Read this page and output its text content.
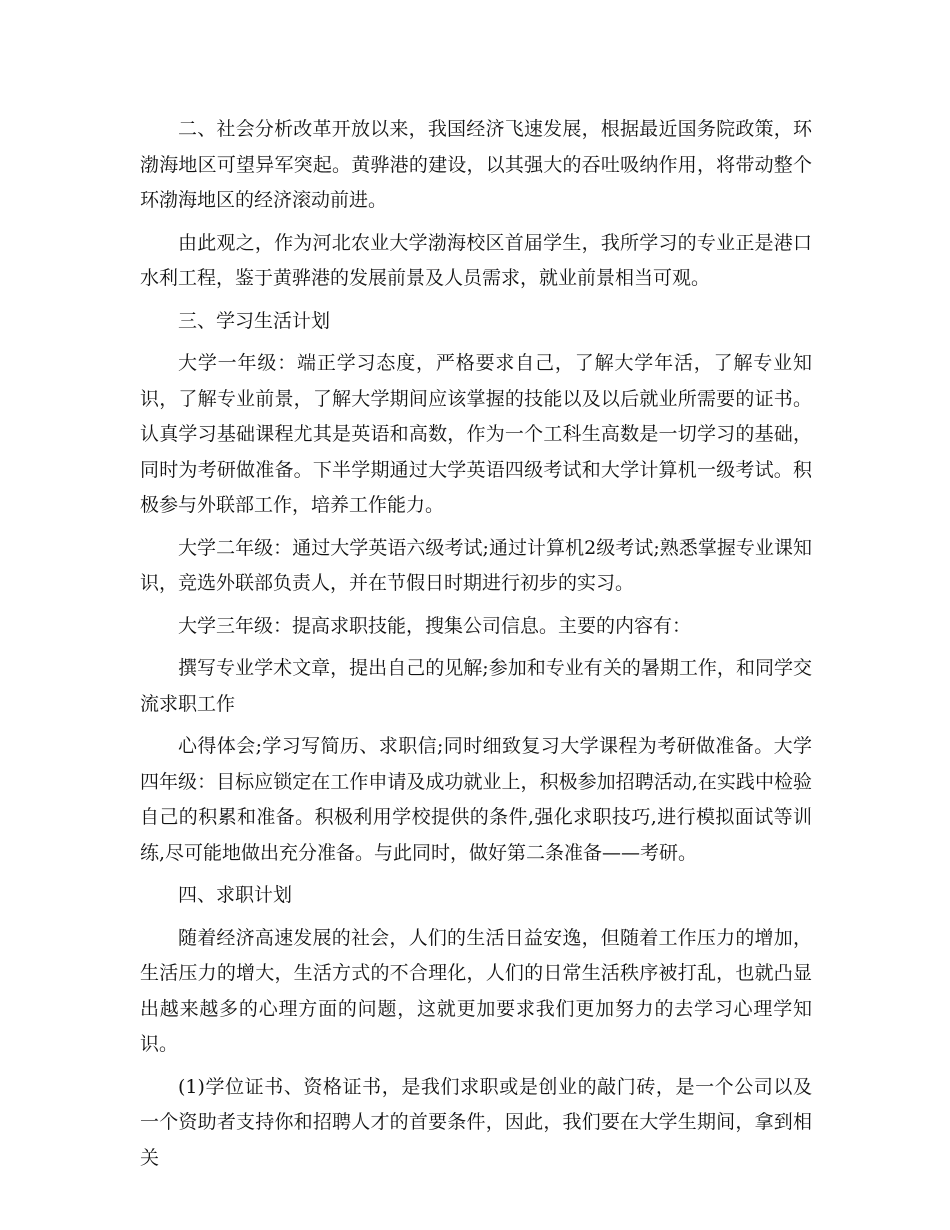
二、社会分析改革开放以来，我国经济飞速发展，根据最近国务院政策，环渤海地区可望异军突起。黄骅港的建设，以其强大的吞吐吸纳作用，将带动整个环渤海地区的经济滚动前进。

由此观之，作为河北农业大学渤海校区首届学生，我所学习的专业正是港口水利工程，鉴于黄骅港的发展前景及人员需求，就业前景相当可观。

三、学习生活计划

大学一年级：端正学习态度，严格要求自己，了解大学年活，了解专业知识，了解专业前景，了解大学期间应该掌握的技能以及以后就业所需要的证书。认真学习基础课程尤其是英语和高数，作为一个工科生高数是一切学习的基础，同时为考研做准备。下半学期通过大学英语四级考试和大学计算机一级考试。积极参与外联部工作，培养工作能力。

大学二年级：通过大学英语六级考试;通过计算机2级考试;熟悉掌握专业课知识，竞选外联部负责人，并在节假日时期进行初步的实习。

大学三年级：提高求职技能，搜集公司信息。主要的内容有：

撰写专业学术文章，提出自己的见解;参加和专业有关的暑期工作，和同学交流求职工作

心得体会;学习写简历、求职信;同时细致复习大学课程为考研做准备。大学四年级：目标应锁定在工作申请及成功就业上，积极参加招聘活动,在实践中检验自己的积累和准备。积极利用学校提供的条件,强化求职技巧,进行模拟面试等训练,尽可能地做出充分准备。与此同时，做好第二条准备——考研。

四、求职计划

随着经济高速发展的社会，人们的生活日益安逸，但随着工作压力的增加，生活压力的增大，生活方式的不合理化，人们的日常生活秩序被打乱，也就凸显出越来越多的心理方面的问题，这就更加要求我们更加努力的去学习心理学知识。

(1)学位证书、资格证书，是我们求职或是创业的敲门砖，是一个公司以及一个资助者支持你和招聘人才的首要条件，因此，我们要在大学生期间，拿到相关
